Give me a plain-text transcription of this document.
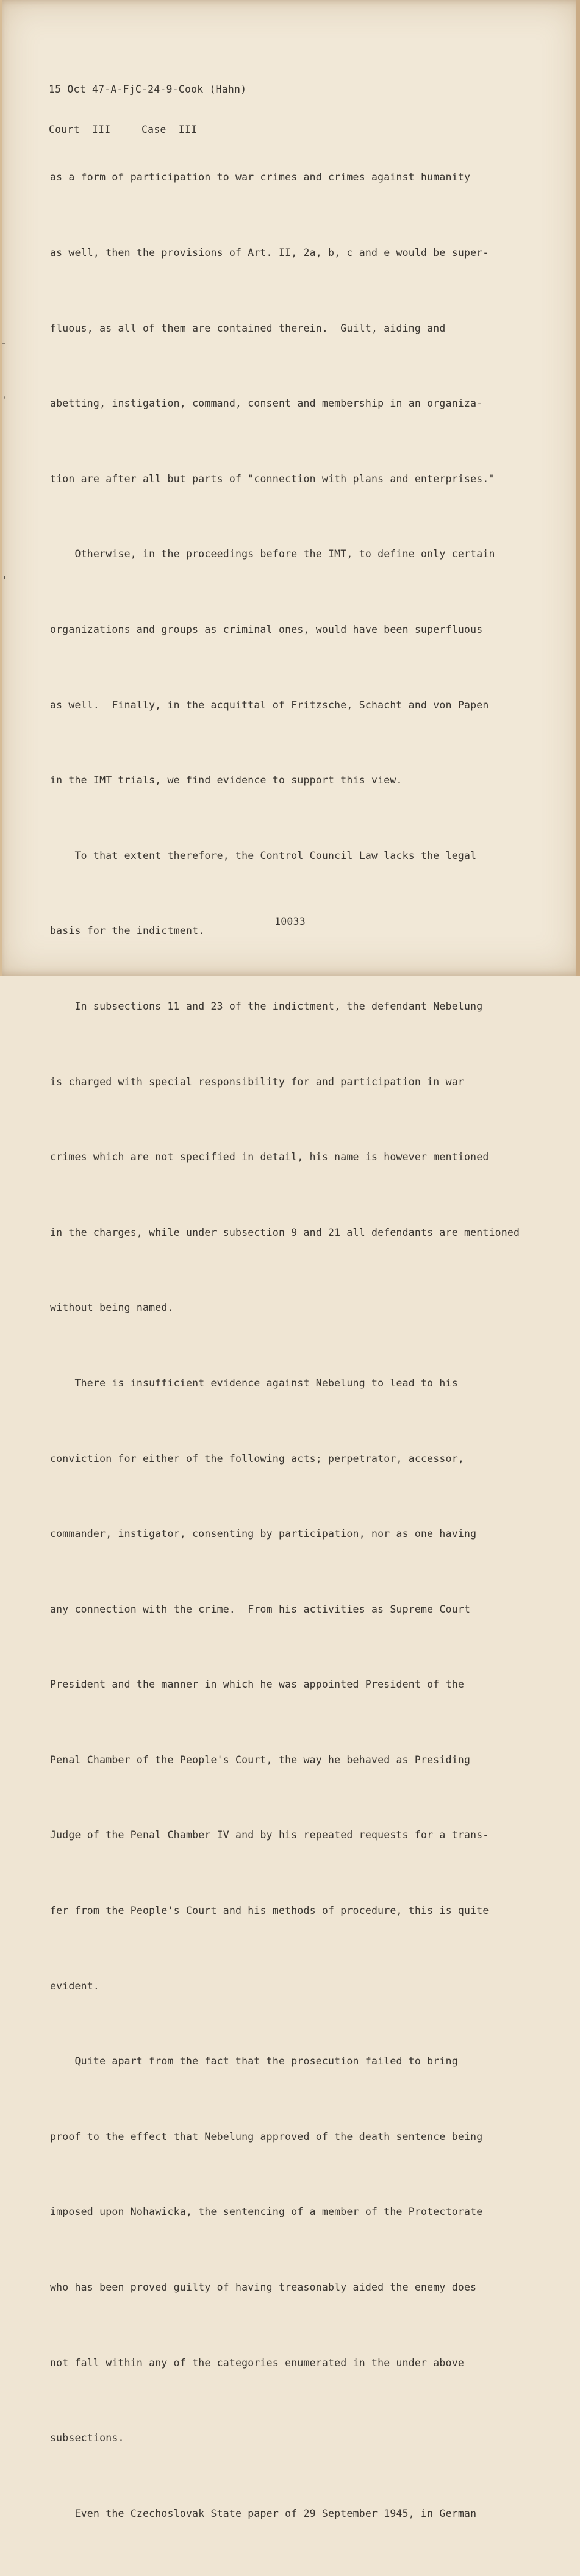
15 Oct 47-A-FjC-24-9-Cook (Hahn)

Court  III     Case  III

as a form of participation to war crimes and crimes against humanity

as well, then the provisions of Art. II, 2a, b, c and e would be super-

fluous, as all of them are contained therein.  Guilt, aiding and

abetting, instigation, command, consent and membership in an organiza-

tion are after all but parts of "connection with plans and enterprises."

Otherwise, in the proceedings before the IMT, to define only certain

organizations and groups as criminal ones, would have been superfluous

as well.  Finally, in the acquittal of Fritzsche, Schacht and von Papen

in the IMT trials, we find evidence to support this view.

To that extent therefore, the Control Council Law lacks the legal

basis for the indictment.

In subsections 11 and 23 of the indictment, the defendant Nebelung

is charged with special responsibility for and participation in war

crimes which are not specified in detail, his name is however mentioned

in the charges, while under subsection 9 and 21 all defendants are mentioned

without being named.

There is insufficient evidence against Nebelung to lead to his

conviction for either of the following acts; perpetrator, accessor,

commander, instigator, consenting by participation, nor as one having

any connection with the crime.  From his activities as Supreme Court

President and the manner in which he was appointed President of the

Penal Chamber of the People's Court, the way he behaved as Presiding

Judge of the Penal Chamber IV and by his repeated requests for a trans-

fer from the People's Court and his methods of procedure, this is quite

evident.

Quite apart from the fact that the prosecution failed to bring

proof to the effect that Nebelung approved of the death sentence being

imposed upon Nohawicka, the sentencing of a member of the Protectorate

who has been proved guilty of having treasonably aided the enemy does

not fall within any of the categories enumerated in the under above

subsections.

Even the Czechoslovak State paper of 29 September 1945, in German

10033
